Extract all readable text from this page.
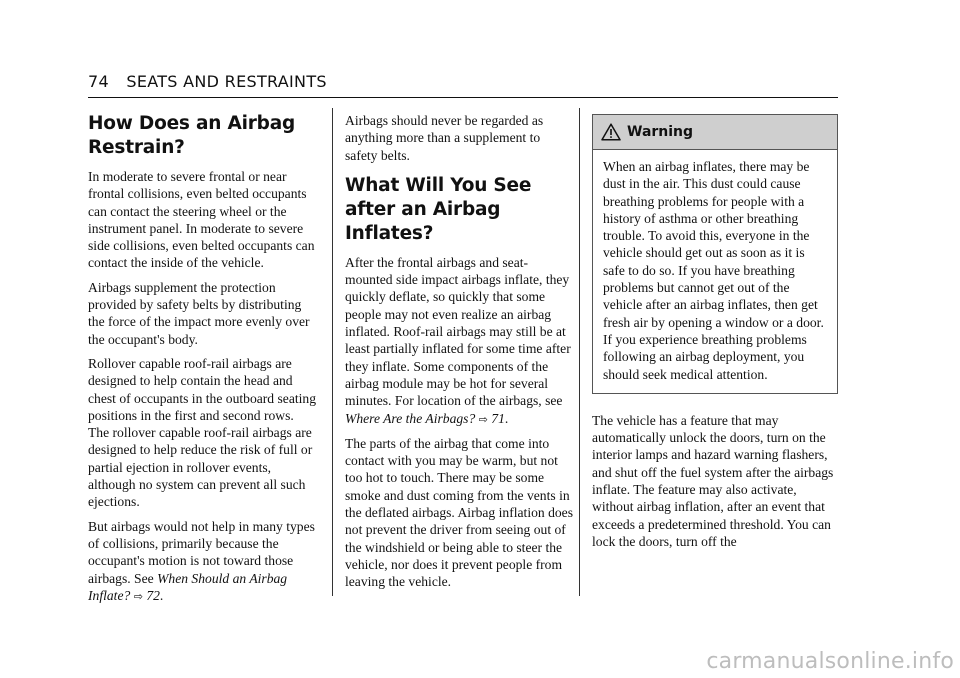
74 SEATS AND RESTRAINTS
How Does an Airbag Restrain?

In moderate to severe frontal or near frontal collisions, even belted occupants can contact the steering wheel or the instrument panel. In moderate to severe side collisions, even belted occupants can contact the inside of the vehicle.

Airbags supplement the protection provided by safety belts by distributing the force of the impact more evenly over the occupant's body.

Rollover capable roof-rail airbags are designed to help contain the head and chest of occupants in the outboard seating positions in the first and second rows. The rollover capable roof-rail airbags are designed to help reduce the risk of full or partial ejection in rollover events, although no system can prevent all such ejections.

But airbags would not help in many types of collisions, primarily because the occupant's motion is not toward those airbags. See When Should an Airbag Inflate? ⇨ 72.

Airbags should never be regarded as anything more than a supplement to safety belts.

What Will You See after an Airbag Inflates?

After the frontal airbags and seat-mounted side impact airbags inflate, they quickly deflate, so quickly that some people may not even realize an airbag inflated. Roof-rail airbags may still be at least partially inflated for some time after they inflate. Some components of the airbag module may be hot for several minutes. For location of the airbags, see Where Are the Airbags? ⇨ 71.

The parts of the airbag that come into contact with you may be warm, but not too hot to touch. There may be some smoke and dust coming from the vents in the deflated airbags. Airbag inflation does not prevent the driver from seeing out of the windshield or being able to steer the vehicle, nor does it prevent people from leaving the vehicle.

Warning

When an airbag inflates, there may be dust in the air. This dust could cause breathing problems for people with a history of asthma or other breathing trouble. To avoid this, everyone in the vehicle should get out as soon as it is safe to do so. If you have breathing problems but cannot get out of the vehicle after an airbag inflates, then get fresh air by opening a window or a door. If you experience breathing problems following an airbag deployment, you should seek medical attention.

The vehicle has a feature that may automatically unlock the doors, turn on the interior lamps and hazard warning flashers, and shut off the fuel system after the airbags inflate. The feature may also activate, without airbag inflation, after an event that exceeds a predetermined threshold. You can lock the doors, turn off the

carmanualsonline.info
